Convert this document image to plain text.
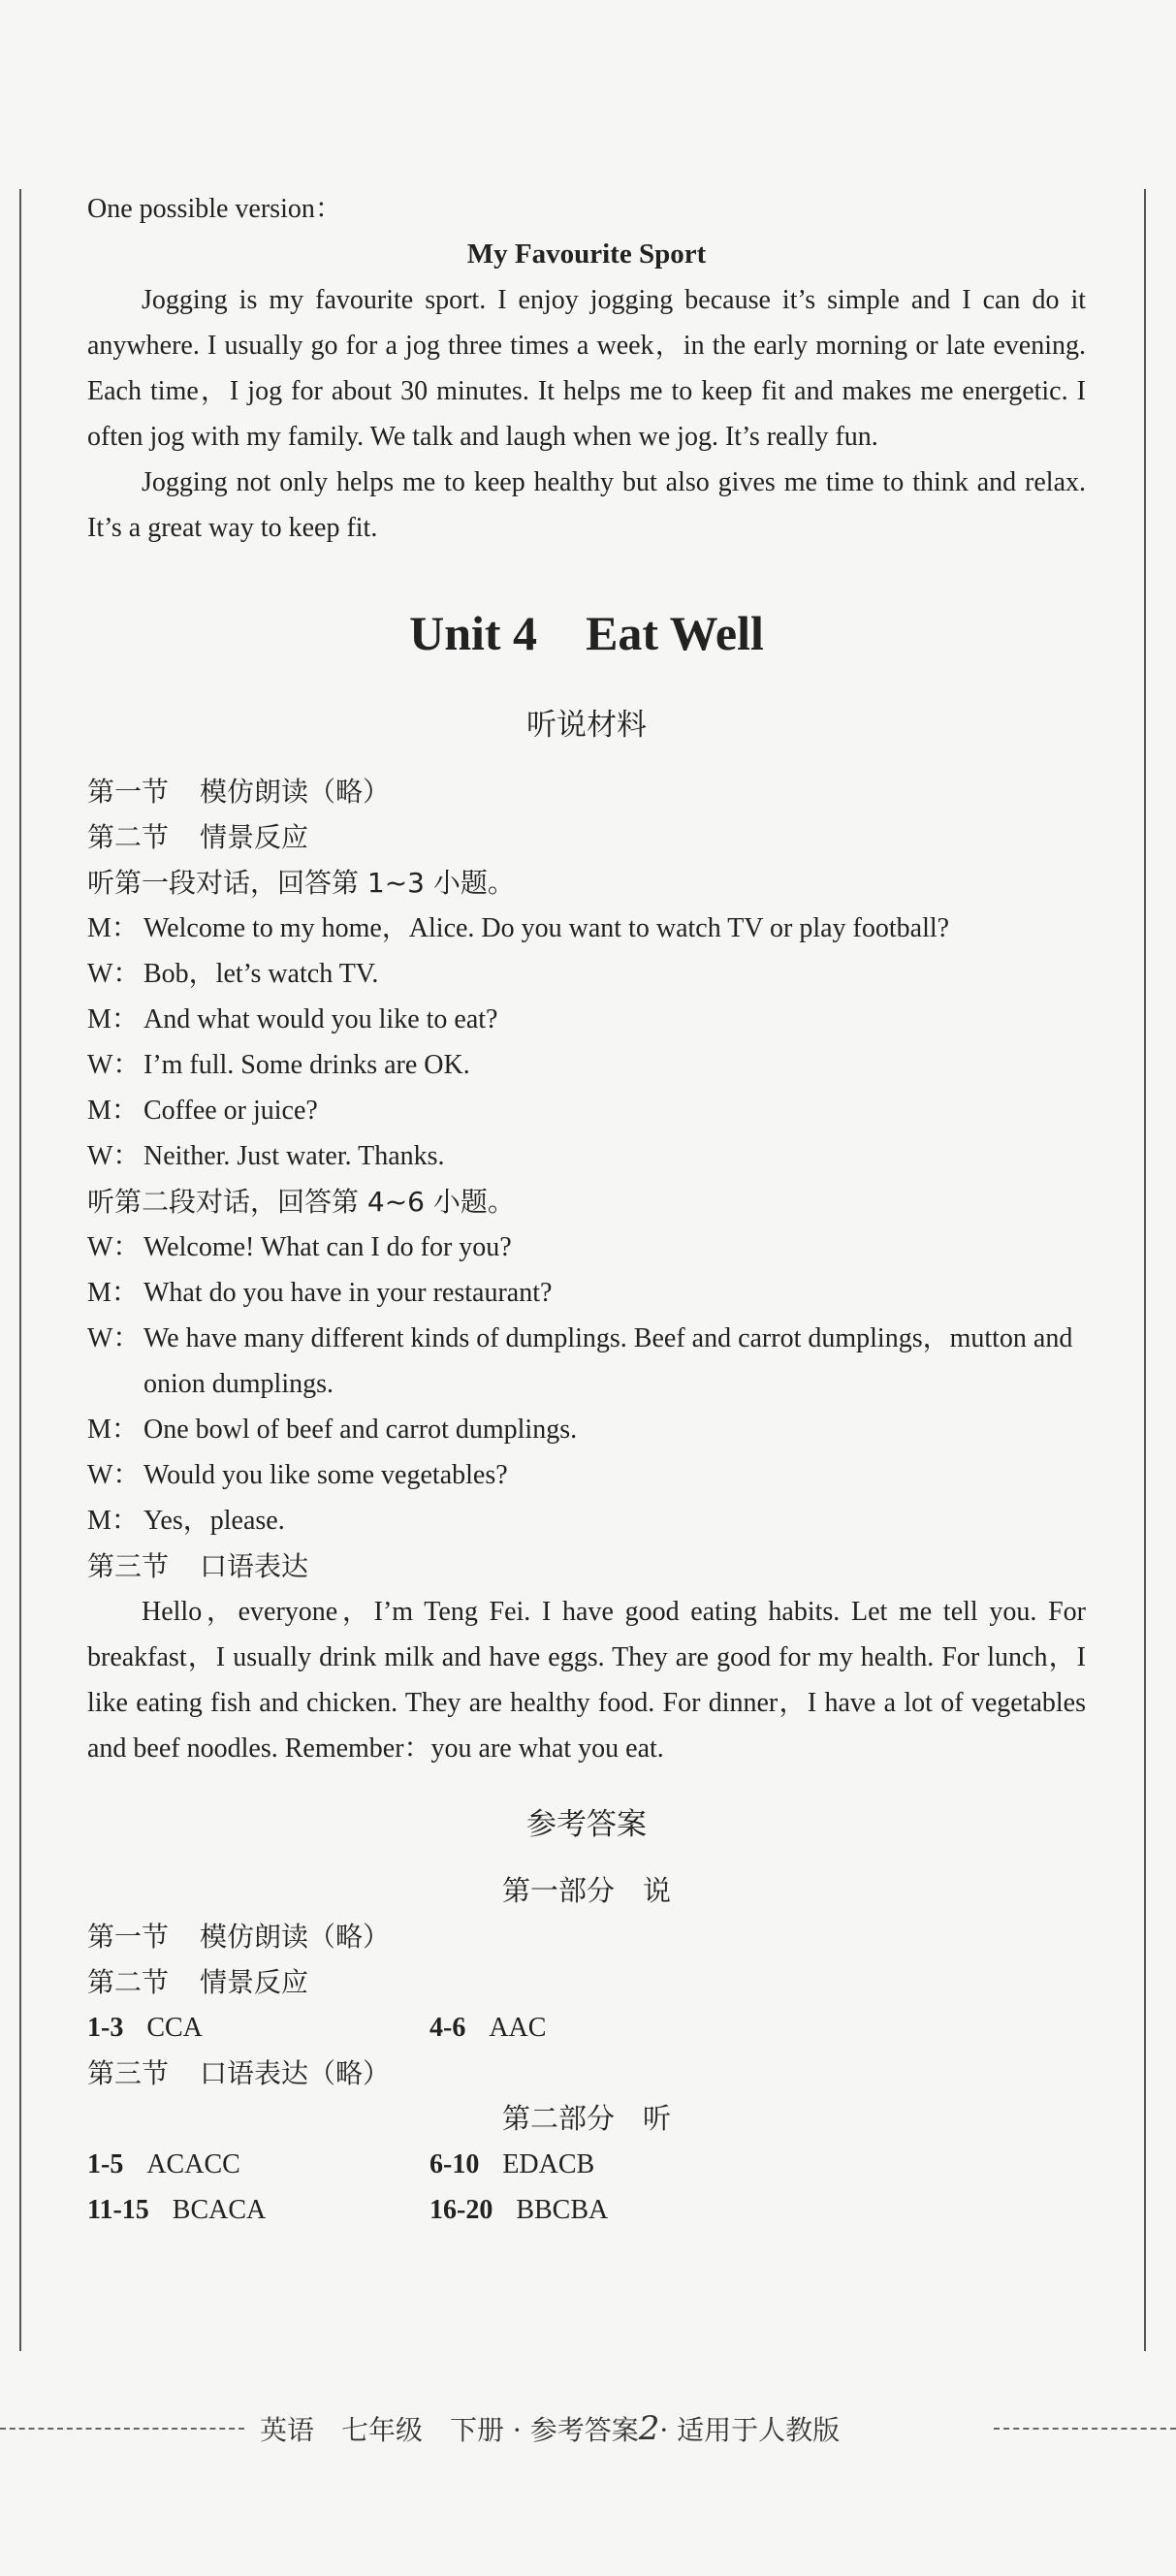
One possible version：

My Favourite Sport

Jogging is my favourite sport. I enjoy jogging because it’s simple and I can do it anywhere. I usually go for a jog three times a week，in the early morning or late evening. Each time，I jog for about 30 minutes. It helps me to keep fit and makes me energetic. I often jog with my family. We talk and laugh when we jog. It’s really fun.

Jogging not only helps me to keep healthy but also gives me time to think and relax. It’s a great way to keep fit.

Unit 4 Eat Well
听说材料

第一节 模仿朗读（略）

第二节 情景反应

听第一段对话，回答第 1~3 小题。

M： Welcome to my home，Alice. Do you want to watch TV or play football?

W： Bob，let’s watch TV.

M： And what would you like to eat?

W： I’m full. Some drinks are OK.

M： Coffee or juice?

W： Neither. Just water. Thanks.

听第二段对话，回答第 4~6 小题。

W： Welcome! What can I do for you?

M： What do you have in your restaurant?

W： We have many different kinds of dumplings. Beef and carrot dumplings，mutton and onion dumplings.

M： One bowl of beef and carrot dumplings.

W： Would you like some vegetables?

M： Yes，please.

第三节 口语表达

Hello，everyone，I’m Teng Fei. I have good eating habits. Let me tell you. For breakfast，I usually drink milk and have eggs. They are good for my health. For lunch，I like eating fish and chicken. They are healthy food. For dinner，I have a lot of vegetables and beef noodles. Remember：you are what you eat.

参考答案

第一部分　说

第一节 模仿朗读（略）

第二节 情景反应

1-3 CCA	4-6 AAC

第三节 口语表达（略）

第二部分　听

1-5 ACACC	6-10 EDACB
11-15 BCACA	16-20 BBCBA
英语　七年级　下册 · 参考答案2· 适用于人教版
